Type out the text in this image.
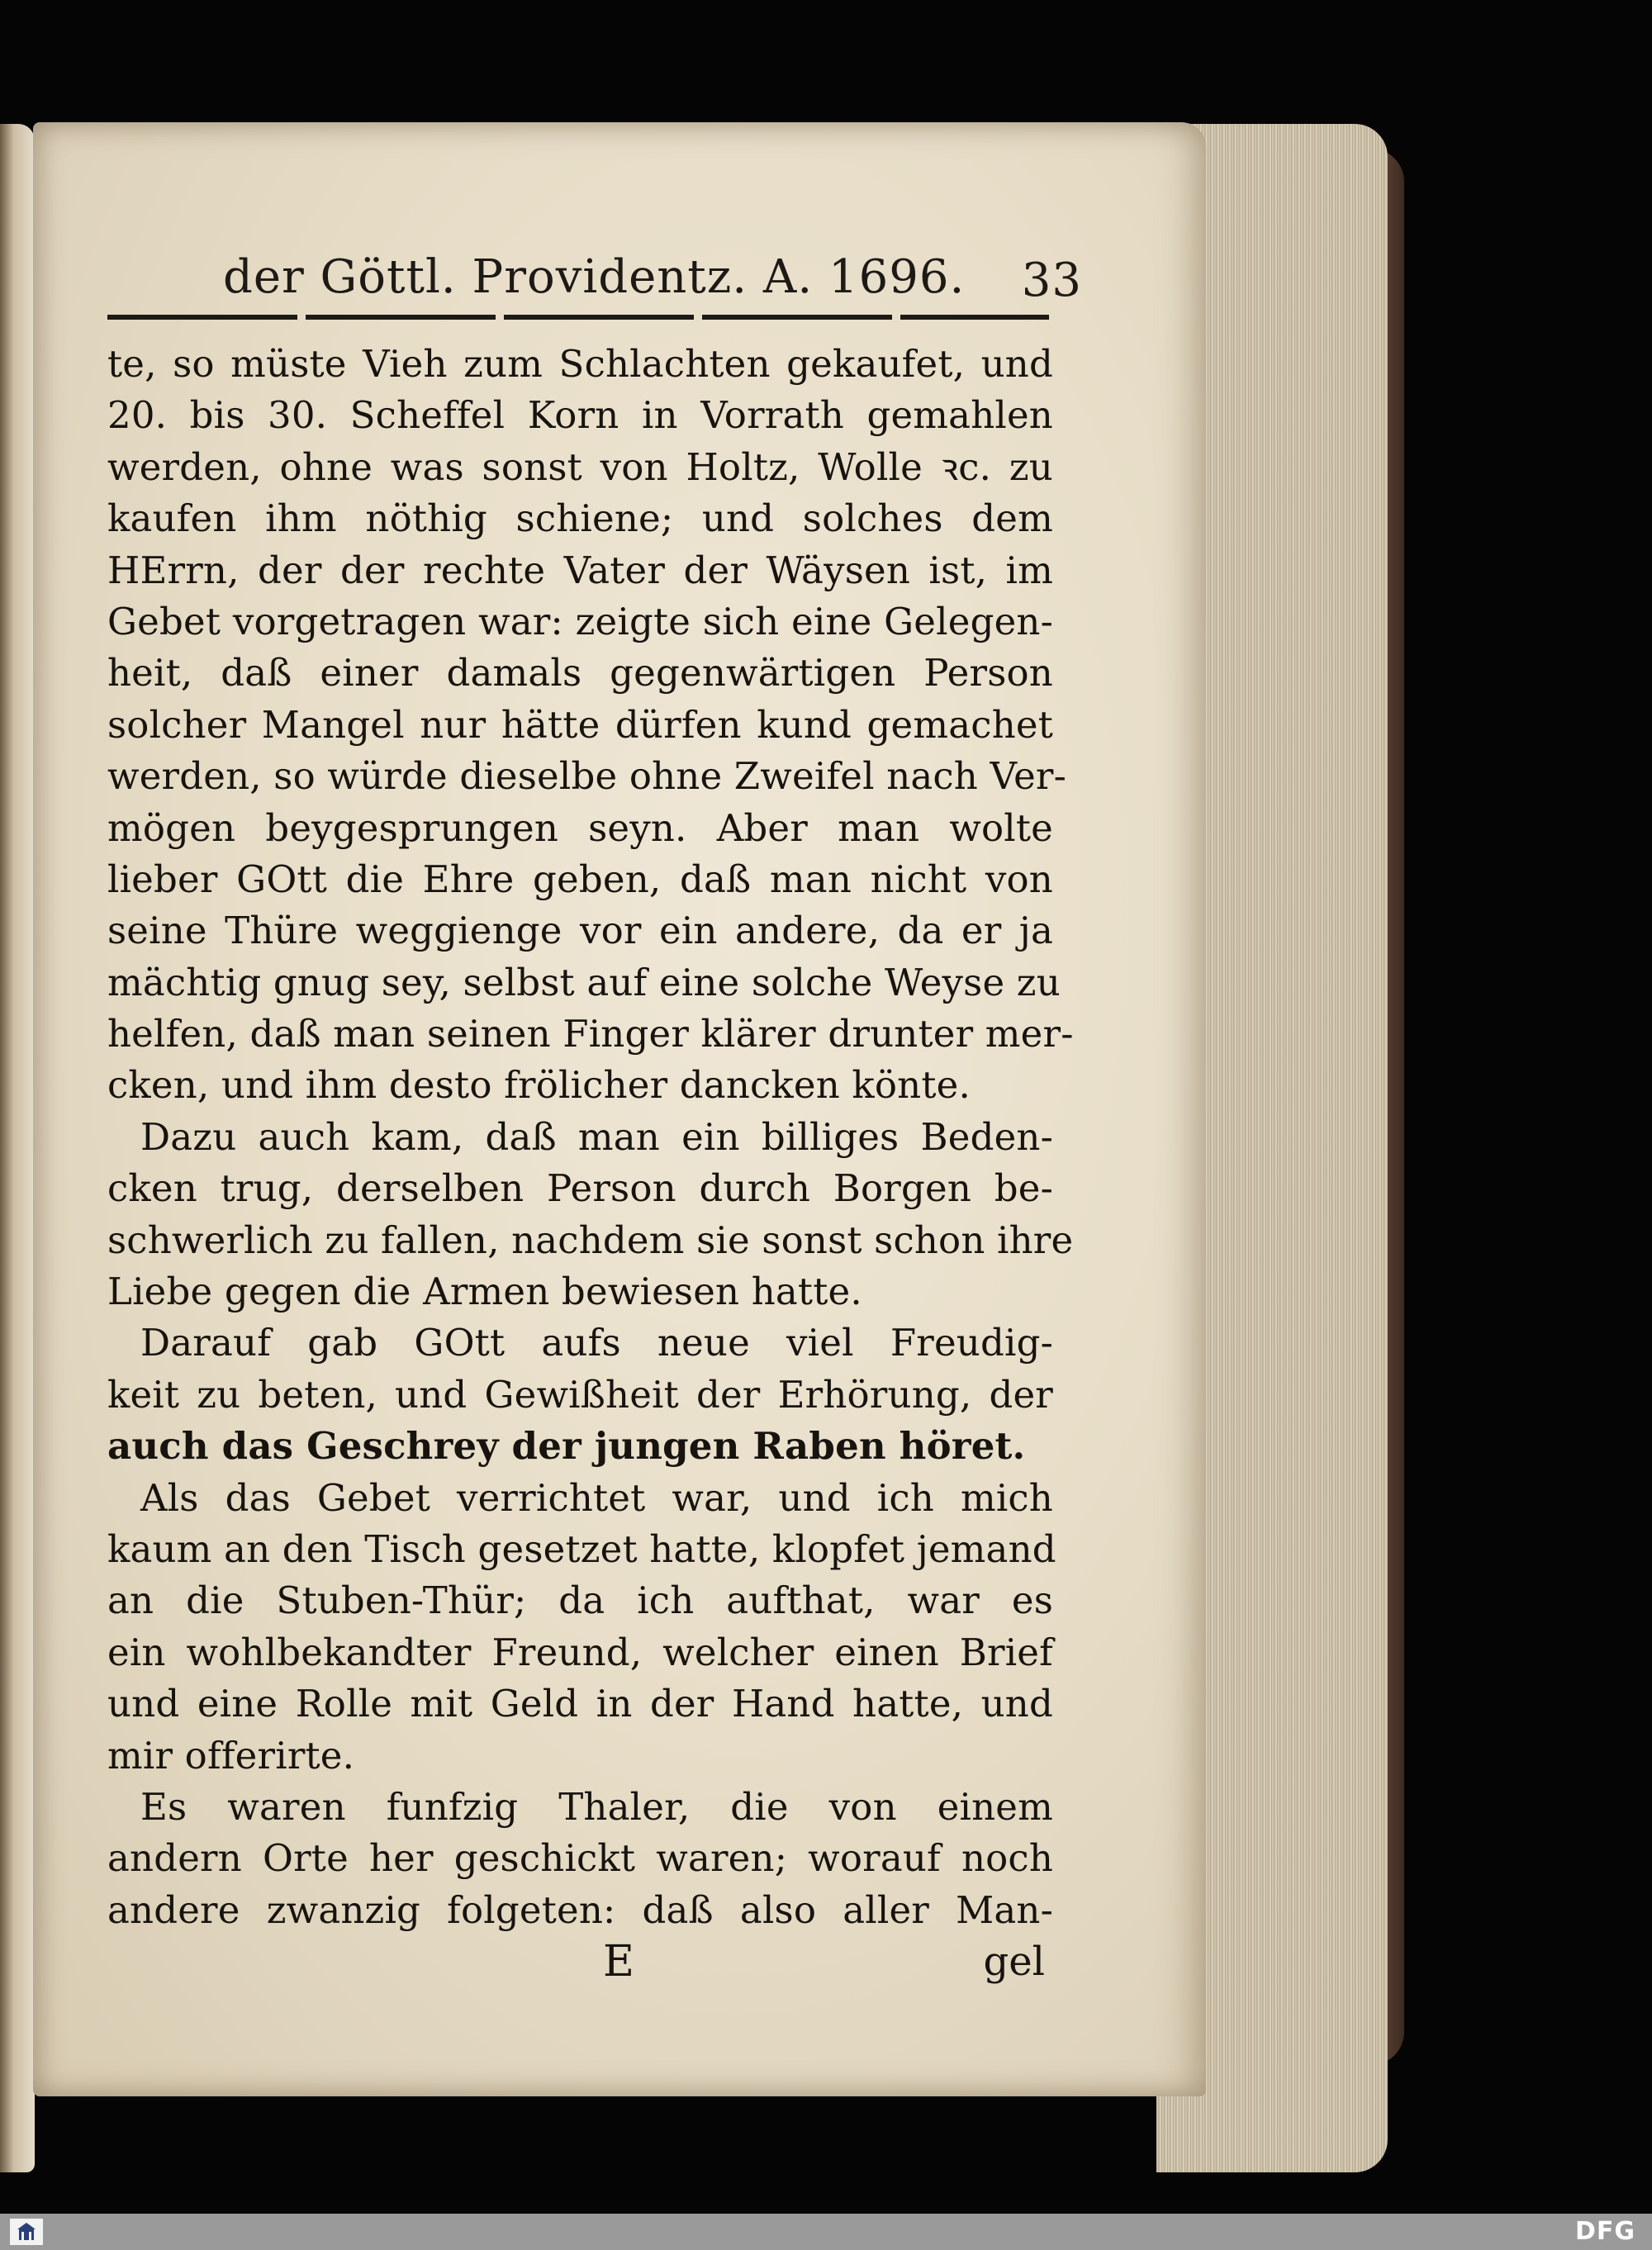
der Göttl. Providentz. A. 1696. 33
te, so müste Vieh zum Schlachten gekaufet, und
20. bis 30. Scheffel Korn in Vorrath gemahlen
werden, ohne was sonst von Holtz, Wolle ꝛc. zu
kaufen ihm nöthig schiene; und solches dem
HErrn, der der rechte Vater der Wäysen ist, im
Gebet vorgetragen war: zeigte sich eine Gelegen-
heit, daß einer damals gegenwärtigen Person
solcher Mangel nur hätte dürfen kund gemachet
werden, so würde dieselbe ohne Zweifel nach Ver-
mögen beygesprungen seyn. Aber man wolte
lieber GOtt die Ehre geben, daß man nicht von
seine Thüre weggienge vor ein andere, da er ja
mächtig gnug sey, selbst auf eine solche Weyse zu
helfen, daß man seinen Finger klärer drunter mer-
cken, und ihm desto frölicher dancken könte.
Dazu auch kam, daß man ein billiges Beden-
cken trug, derselben Person durch Borgen be-
schwerlich zu fallen, nachdem sie sonst schon ihre
Liebe gegen die Armen bewiesen hatte.
Darauf gab GOtt aufs neue viel Freudig-
keit zu beten, und Gewißheit der Erhörung, der
auch das Geschrey der jungen Raben höret.
Als das Gebet verrichtet war, und ich mich
kaum an den Tisch gesetzet hatte, klopfet jemand
an die Stuben-Thür; da ich aufthat, war es
ein wohlbekandter Freund, welcher einen Brief
und eine Rolle mit Geld in der Hand hatte, und
mir offerirte.
Es waren funfzig Thaler, die von einem
andern Orte her geschickt waren; worauf noch
andere zwanzig folgeten: daß also aller Man-
E	gel
DFG
